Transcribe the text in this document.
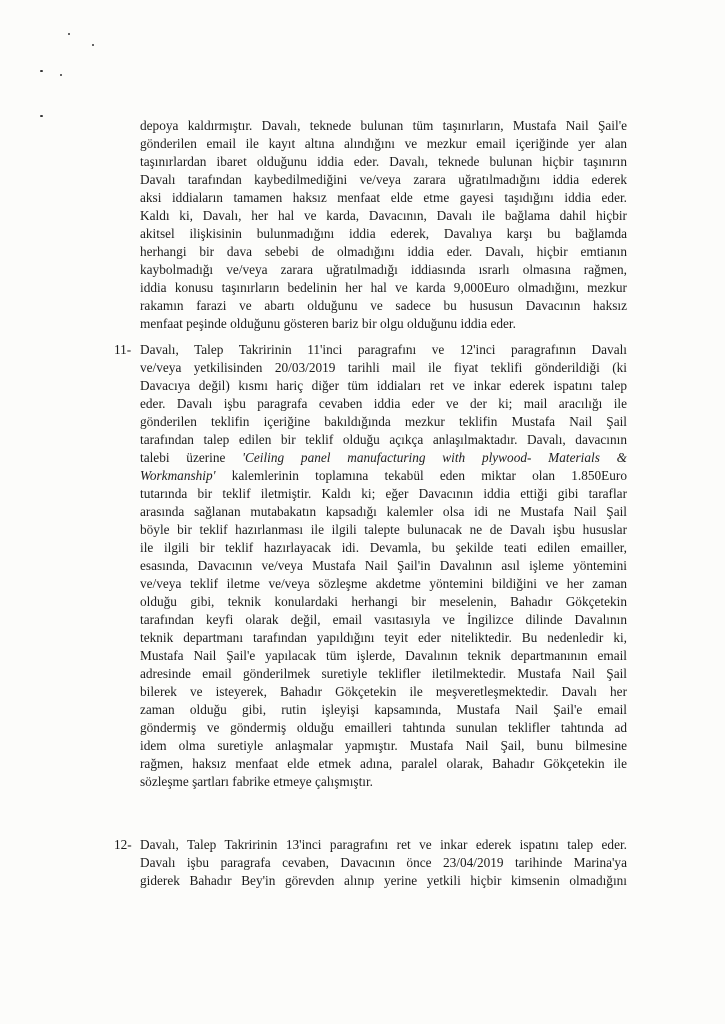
depoya kaldırmıştır. Davalı, teknede bulunan tüm taşınırların, Mustafa Nail Şail'e
gönderilen email ile kayıt altına alındığını ve mezkur email içeriğinde yer alan
taşınırlardan ibaret olduğunu iddia eder. Davalı, teknede bulunan hiçbir taşınırın
Davalı tarafından kaybedilmediğini ve/veya zarara uğratılmadığını iddia ederek
aksi iddiaların tamamen haksız menfaat elde etme gayesi taşıdığını iddia eder.
Kaldı ki, Davalı, her hal ve karda, Davacının, Davalı ile bağlama dahil hiçbir
akitsel ilişkisinin bulunmadığını iddia ederek, Davalıya karşı bu bağlamda
herhangi bir dava sebebi de olmadığını iddia eder. Davalı, hiçbir emtianın
kaybolmadığı ve/veya zarara uğratılmadığı iddiasında ısrarlı olmasına rağmen,
iddia konusu taşınırların bedelinin her hal ve karda 9,000Euro olmadığını, mezkur
rakamın farazi ve abartı olduğunu ve sadece bu hususun Davacının haksız
menfaat peşinde olduğunu gösteren bariz bir olgu olduğunu iddia eder.
11- Davalı, Talep Takririnin 11'inci paragrafını ve 12'inci paragrafının Davalı
ve/veya yetkilisinden 20/03/2019 tarihli mail ile fiyat teklifi gönderildiği (ki
Davacıya değil) kısmı hariç diğer tüm iddiaları ret ve inkar ederek ispatını talep
eder. Davalı işbu paragrafa cevaben iddia eder ve der ki; mail aracılığı ile
gönderilen teklifin içeriğine bakıldığında mezkur teklifin Mustafa Nail Şail
tarafından talep edilen bir teklif olduğu açıkça anlaşılmaktadır. Davalı, davacının
talebi üzerine 'Ceiling panel manufacturing with plywood- Materials &
Workmanship' kalemlerinin toplamına tekabül eden miktar olan 1.850Euro
tutarında bir teklif iletmiştir. Kaldı ki; eğer Davacının iddia ettiği gibi taraflar
arasında sağlanan mutabakatın kapsadığı kalemler olsa idi ne Mustafa Nail Şail
böyle bir teklif hazırlanması ile ilgili talepte bulunacak ne de Davalı işbu hususlar
ile ilgili bir teklif hazırlayacak idi. Devamla, bu şekilde teati edilen emailler,
esasında, Davacının ve/veya Mustafa Nail Şail'in Davalının asıl işleme yöntemini
ve/veya teklif iletme ve/veya sözleşme akdetme yöntemini bildiğini ve her zaman
olduğu gibi, teknik konulardaki herhangi bir meselenin, Bahadır Gökçetekin
tarafından keyfi olarak değil, email vasıtasıyla ve İngilizce dilinde Davalının
teknik departmanı tarafından yapıldığını teyit eder niteliktedir. Bu nedenledir ki,
Mustafa Nail Şail'e yapılacak tüm işlerde, Davalının teknik departmanının email
adresinde email gönderilmek suretiyle teklifler iletilmektedir. Mustafa Nail Şail
bilerek ve isteyerek, Bahadır Gökçetekin ile meşveretleşmektedir. Davalı her
zaman olduğu gibi, rutin işleyişi kapsamında, Mustafa Nail Şail'e email
göndermiş ve göndermiş olduğu emailleri tahtında sunulan teklifler tahtında ad
idem olma suretiyle anlaşmalar yapmıştır. Mustafa Nail Şail, bunu bilmesine
rağmen, haksız menfaat elde etmek adına, paralel olarak, Bahadır Gökçetekin ile
sözleşme şartları fabrike etmeye çalışmıştır.
12- Davalı, Talep Takririnin 13'inci paragrafını ret ve inkar ederek ispatını talep eder.
Davalı işbu paragrafa cevaben, Davacının önce 23/04/2019 tarihinde Marina'ya
giderek Bahadır Bey'in görevden alınıp yerine yetkili hiçbir kimsenin olmadığını
